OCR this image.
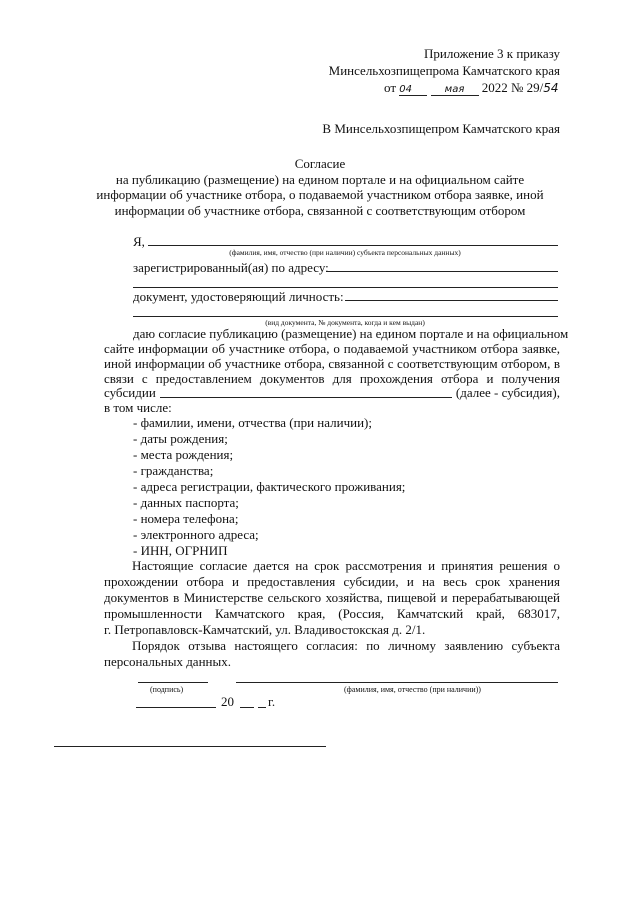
Приложение 3 к приказу
Минсельхозпищепрома Камчатского края
от 04	мая 2022 № 29/54
В Минсельхозпищепром Камчатского края
Согласие
на публикацию (размещение) на едином портале и на официальном сайте
информации об участнике отбора, о подаваемой участником отбора заявке, иной
информации об участнике отбора, связанной с соответствующим отбором
Я,
(фамилия, имя, отчество (при наличии) субъекта персональных данных)
зарегистрированный(ая) по адресу:
документ, удостоверяющий личность:
(вид документа, № документа, когда и кем выдан)
даю согласие публикацию (размещение) на едином портале и на официальном
сайте информации об участнике отбора, о подаваемой участником отбора заявке,
иной информации об участнике отбора, связанной с соответствующим отбором, в
связи с предоставлением документов для прохождения отбора и получения
субсидии	(далее - субсидия),
в том числе:
- фамилии, имени, отчества (при наличии);
- даты рождения;
- места рождения;
- гражданства;
- адреса регистрации, фактического проживания;
- данных паспорта;
- номера телефона;
- электронного адреса;
- ИНН, ОГРНИП
Настоящие согласие дается на срок рассмотрения и принятия решения о
прохождении отбора и предоставления субсидии, и на весь срок хранения
документов в Министерстве сельского хозяйства, пищевой и перерабатывающей
промышленности Камчатского края, (Россия, Камчатский край, 683017,
г. Петропавловск-Камчатский, ул. Владивостокская д. 2/1.
Порядок отзыва настоящего согласия: по личному заявлению субъекта
персональных данных.
(подпись)	(фамилия, имя, отчество (при наличии))
20	г.
